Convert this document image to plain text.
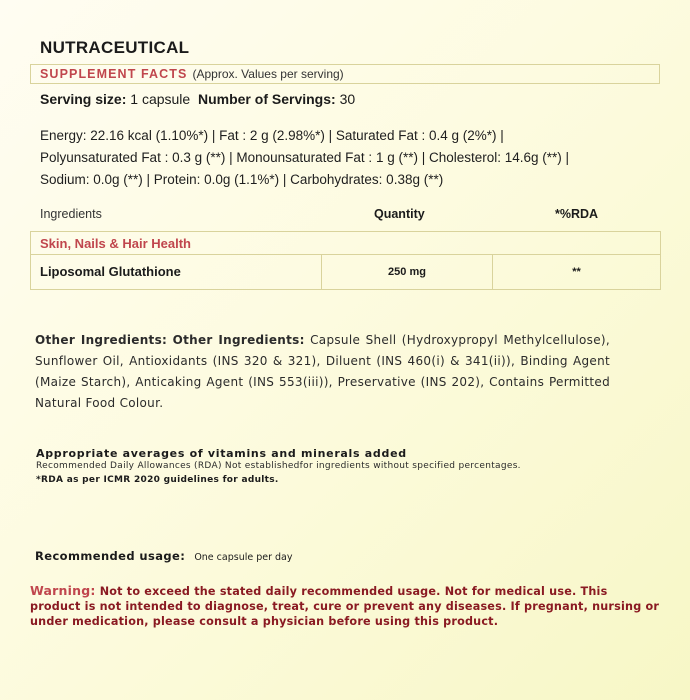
NUTRACEUTICAL
SUPPLEMENT FACTS (Approx. Values per serving)
Serving size: 1 capsule Number of Servings: 30
Energy: 22.16 kcal (1.10%*) | Fat : 2 g (2.98%*) | Saturated Fat : 0.4 g (2%*) |
Polyunsaturated Fat : 0.3 g (**) | Monounsaturated Fat : 1 g (**) | Cholesterol: 14.6g (**) |
Sodium: 0.0g (**) | Protein: 0.0g (1.1%*) | Carbohydrates: 0.38g (**)
Ingredients	Quantity	*%RDA
Skin, Nails & Hair Health
Liposomal Glutathione	250 mg	**
Other Ingredients: Other Ingredients: Capsule Shell (Hydroxypropyl Methylcellulose), Sunflower Oil, Antioxidants (INS 320 & 321), Diluent (INS 460(i) & 341(ii)), Binding Agent (Maize Starch), Anticaking Agent (INS 553(iii)), Preservative (INS 202), Contains Permitted Natural Food Colour.
Appropriate averages of vitamins and minerals added
Recommended Daily Allowances (RDA) Not establishedfor ingredients without specified percentages.
*RDA as per ICMR 2020 guidelines for adults.
Recommended usage: One capsule per day
Warning: Not to exceed the stated daily recommended usage. Not for medical use. This product is not intended to diagnose, treat, cure or prevent any diseases. If pregnant, nursing or under medication, please consult a physician before using this product.
